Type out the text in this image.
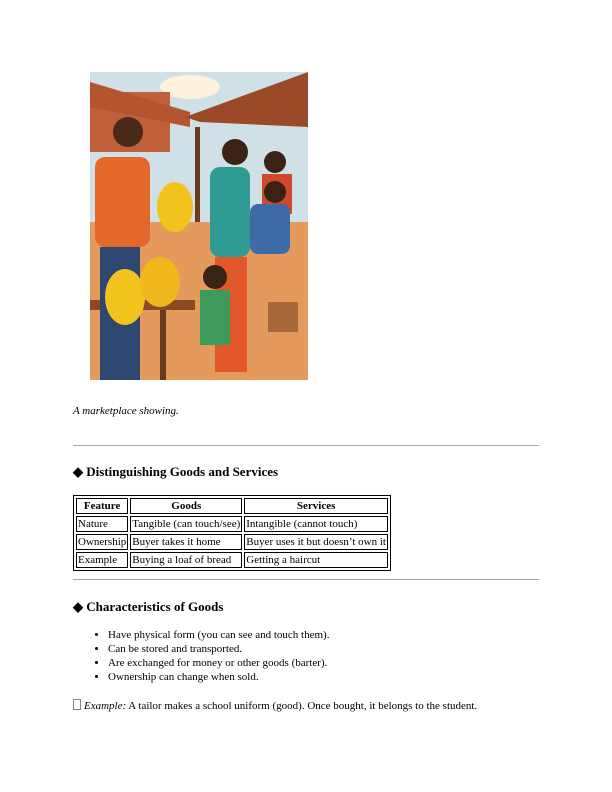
A marketplace showing.
◆ Distinguishing Goods and Services
Feature	Goods	Services
Nature	Tangible (can touch/see)	Intangible (cannot touch)
Ownership	Buyer takes it home	Buyer uses it but doesn’t own it
Example	Buying a loaf of bread	Getting a haircut
◆ Characteristics of Goods
• Have physical form (you can see and touch them).
• Can be stored and transported.
• Are exchanged for money or other goods (barter).
• Ownership can change when sold.
Example: A tailor makes a school uniform (good). Once bought, it belongs to the student.
